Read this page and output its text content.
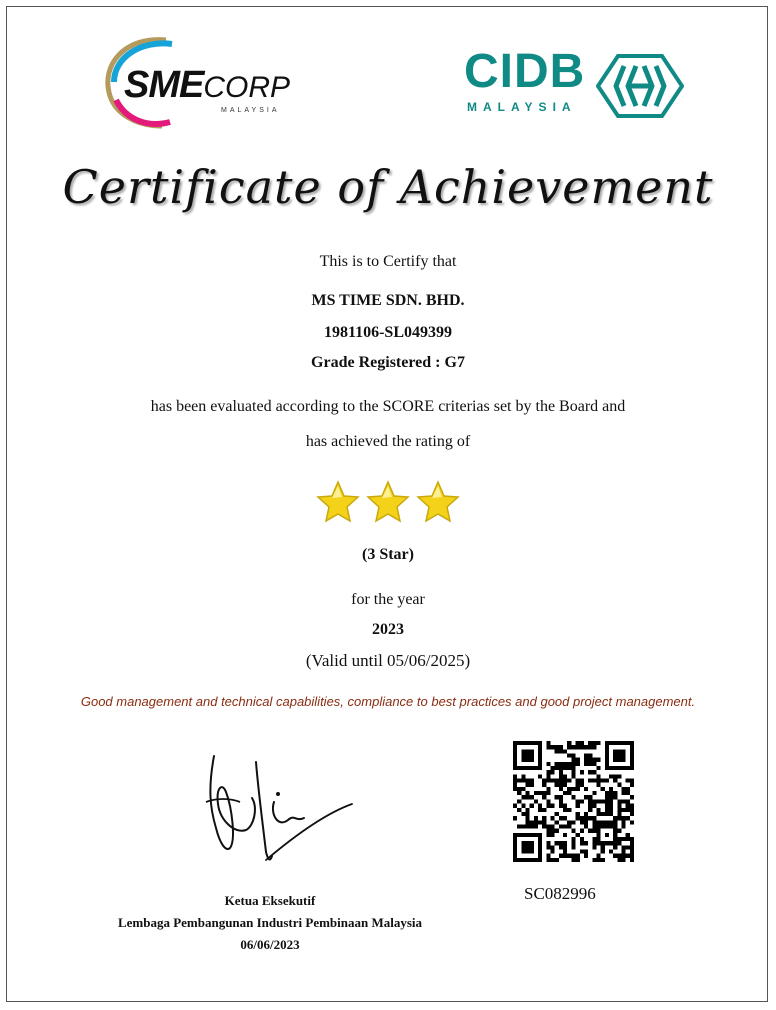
SMECORP
MALAYSIA
CIDB
MALAYSIA
Certificate of Achievement
This is to Certify that
MS TIME SDN. BHD.
1981106-SL049399
Grade Registered : G7
has been evaluated according to the SCORE criterias set by the Board and
has achieved the rating of

(3 Star)
for the year
2023
(Valid until 05/06/2025)
Good management and technical capabilities, compliance to best practices and good project management.
Ketua Eksekutif
Lembaga Pembangunan Industri Pembinaan Malaysia
06/06/2023
SC082996
